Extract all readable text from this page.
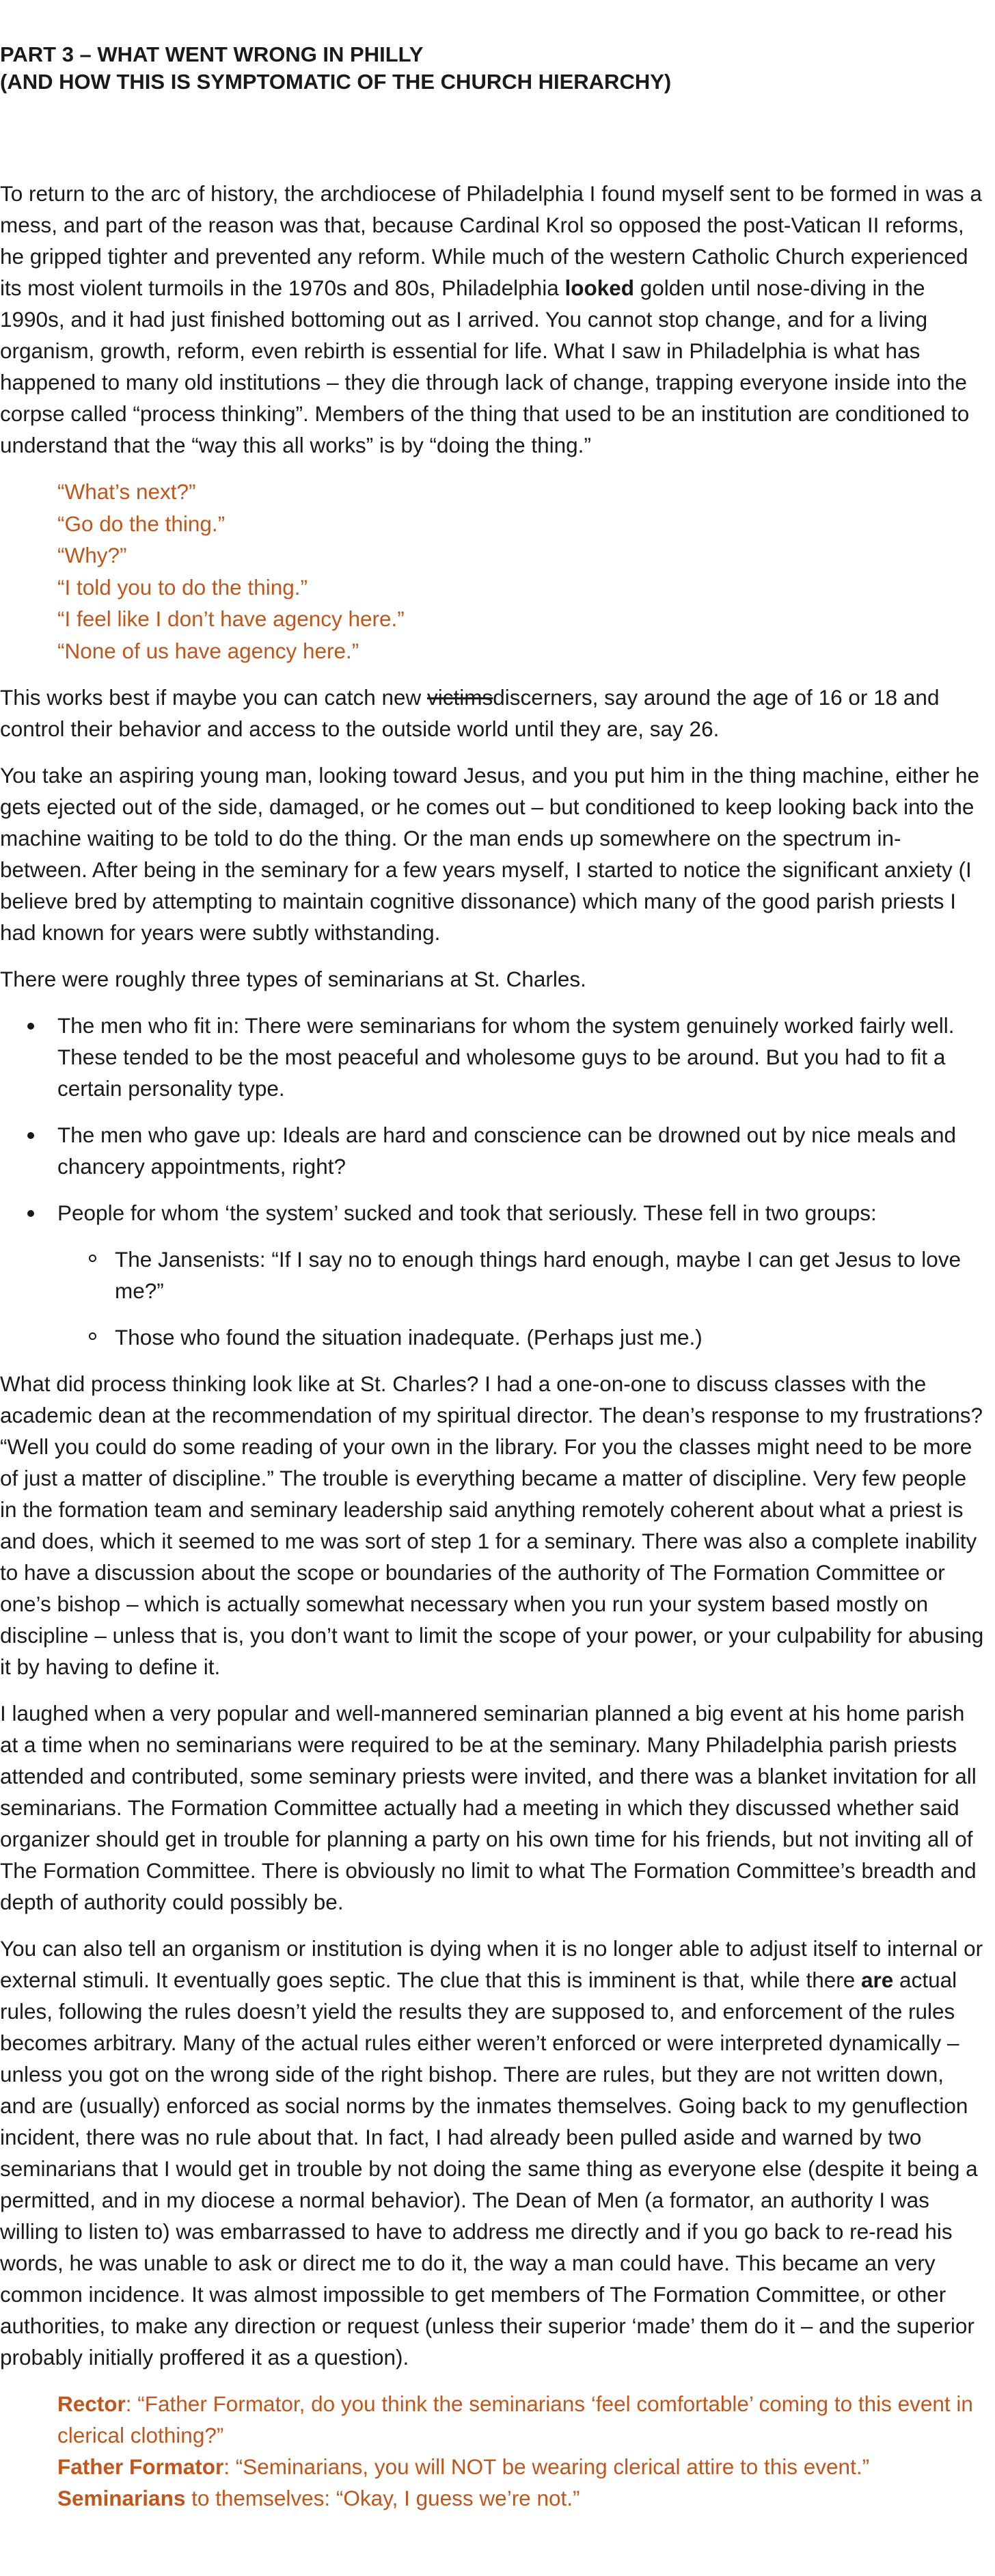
PART 3 – WHAT WENT WRONG IN PHILLY
(AND HOW THIS IS SYMPTOMATIC OF THE CHURCH HIERARCHY)

To return to the arc of history, the archdiocese of Philadelphia I found myself sent to be formed in was a mess, and part of the reason was that, because Cardinal Krol so opposed the post-Vatican II reforms, he gripped tighter and prevented any reform. While much of the western Catholic Church experienced its most violent turmoils in the 1970s and 80s, Philadelphia looked golden until nose-diving in the 1990s, and it had just finished bottoming out as I arrived. You cannot stop change, and for a living organism, growth, reform, even rebirth is essential for life. What I saw in Philadelphia is what has happened to many old institutions – they die through lack of change, trapping everyone inside into the corpse called “process thinking”. Members of the thing that used to be an institution are conditioned to understand that the “way this all works” is by “doing the thing.”

“What’s next?”
“Go do the thing.”
“Why?”
“I told you to do the thing.”
“I feel like I don’t have agency here.”
“None of us have agency here.”

This works best if maybe you can catch new victimsdiscerners, say around the age of 16 or 18 and control their behavior and access to the outside world until they are, say 26.

You take an aspiring young man, looking toward Jesus, and you put him in the thing machine, either he gets ejected out of the side, damaged, or he comes out – but conditioned to keep looking back into the machine waiting to be told to do the thing. Or the man ends up somewhere on the spectrum in-between. After being in the seminary for a few years myself, I started to notice the significant anxiety (I believe bred by attempting to maintain cognitive dissonance) which many of the good parish priests I had known for years were subtly withstanding.

There were roughly three types of seminarians at St. Charles.

The men who fit in: There were seminarians for whom the system genuinely worked fairly well. These tended to be the most peaceful and wholesome guys to be around. But you had to fit a certain personality type.
The men who gave up: Ideals are hard and conscience can be drowned out by nice meals and chancery appointments, right?
People for whom ‘the system’ sucked and took that seriously. These fell in two groups:
The Jansenists: “If I say no to enough things hard enough, maybe I can get Jesus to love me?”
Those who found the situation inadequate. (Perhaps just me.)

What did process thinking look like at St. Charles? I had a one-on-one to discuss classes with the academic dean at the recommendation of my spiritual director. The dean’s response to my frustrations? “Well you could do some reading of your own in the library. For you the classes might need to be more of just a matter of discipline.” The trouble is everything became a matter of discipline. Very few people in the formation team and seminary leadership said anything remotely coherent about what a priest is and does, which it seemed to me was sort of step 1 for a seminary. There was also a complete inability to have a discussion about the scope or boundaries of the authority of The Formation Committee or one’s bishop – which is actually somewhat necessary when you run your system based mostly on discipline – unless that is, you don’t want to limit the scope of your power, or your culpability for abusing it by having to define it.

I laughed when a very popular and well-mannered seminarian planned a big event at his home parish at a time when no seminarians were required to be at the seminary. Many Philadelphia parish priests attended and contributed, some seminary priests were invited, and there was a blanket invitation for all seminarians. The Formation Committee actually had a meeting in which they discussed whether said organizer should get in trouble for planning a party on his own time for his friends, but not inviting all of The Formation Committee. There is obviously no limit to what The Formation Committee’s breadth and depth of authority could possibly be.

You can also tell an organism or institution is dying when it is no longer able to adjust itself to internal or external stimuli. It eventually goes septic. The clue that this is imminent is that, while there are actual rules, following the rules doesn’t yield the results they are supposed to, and enforcement of the rules becomes arbitrary. Many of the actual rules either weren’t enforced or were interpreted dynamically – unless you got on the wrong side of the right bishop. There are rules, but they are not written down, and are (usually) enforced as social norms by the inmates themselves. Going back to my genuflection incident, there was no rule about that. In fact, I had already been pulled aside and warned by two seminarians that I would get in trouble by not doing the same thing as everyone else (despite it being a permitted, and in my diocese a normal behavior). The Dean of Men (a formator, an authority I was willing to listen to) was embarrassed to have to address me directly and if you go back to re-read his words, he was unable to ask or direct me to do it, the way a man could have. This became an very common incidence. It was almost impossible to get members of The Formation Committee, or other authorities, to make any direction or request (unless their superior ‘made’ them do it – and the superior probably initially proffered it as a question).

Rector: “Father Formator, do you think the seminarians ‘feel comfortable’ coming to this event in clerical clothing?”

Father Formator: “Seminarians, you will NOT be wearing clerical attire to this event.”

Seminarians to themselves: “Okay, I guess we’re not.”
